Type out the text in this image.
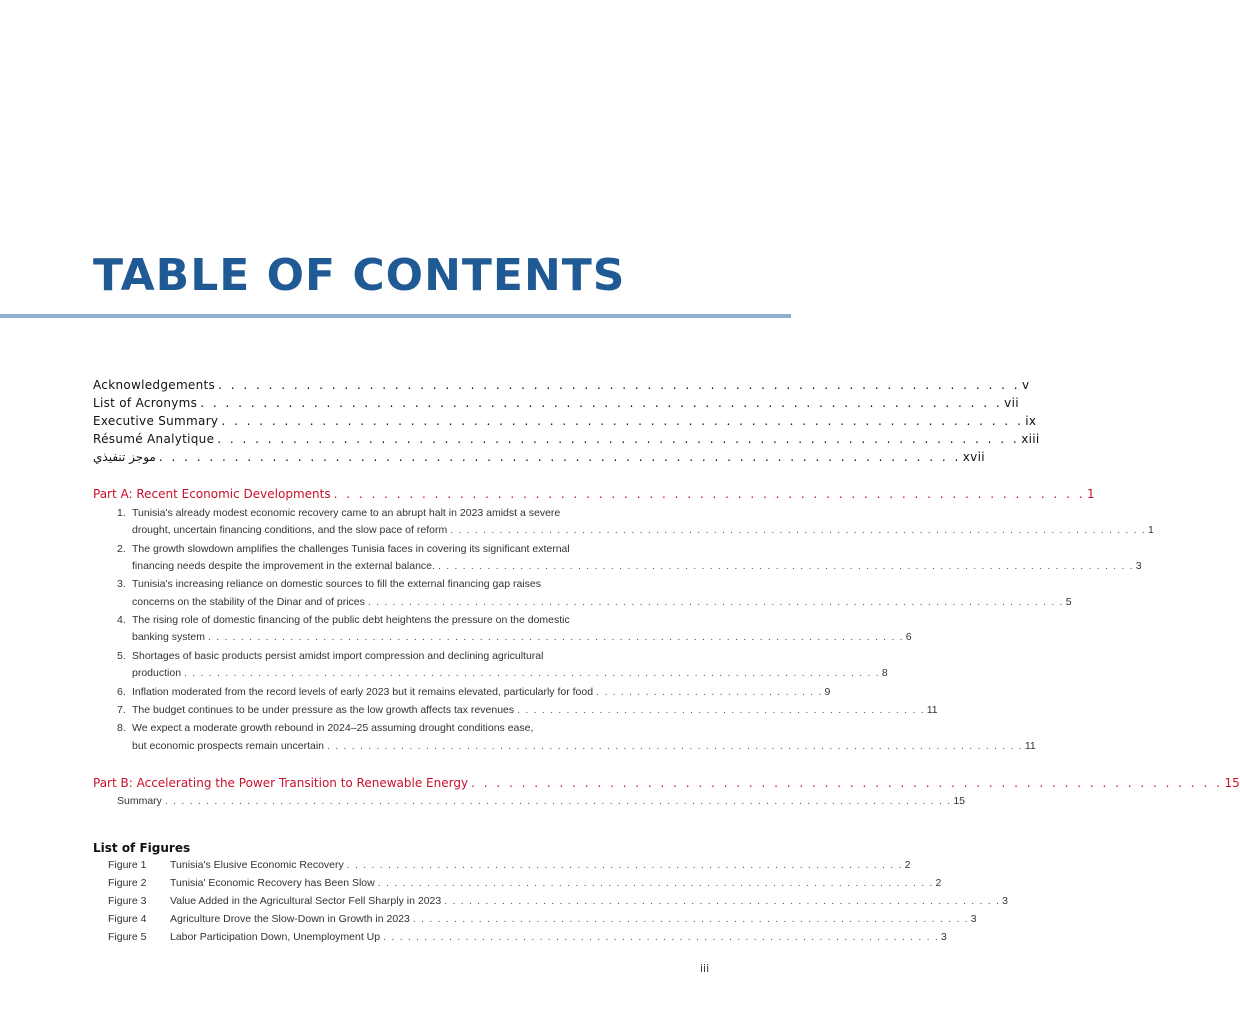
TABLE OF CONTENTS
Acknowledgements . . . . . . . . . . . . . . . . . . . . . . . . . . . . . . . . . . . . . . . . . . . . . . . . . . . . . . . . . . . . . . . . v
List of Acronyms . . . . . . . . . . . . . . . . . . . . . . . . . . . . . . . . . . . . . . . . . . . . . . . . . . . . . . . . . . . . . . . . vii
Executive Summary . . . . . . . . . . . . . . . . . . . . . . . . . . . . . . . . . . . . . . . . . . . . . . . . . . . . . . . . . . . . . . . . ix
Résumé Analytique . . . . . . . . . . . . . . . . . . . . . . . . . . . . . . . . . . . . . . . . . . . . . . . . . . . . . . . . . . . . . . . . xiii
موجز تنفيذي . . . . . . . . . . . . . . . . . . . . . . . . . . . . . . . . . . . . . . . . . . . . . . . . . . . . . . . . . . . . . . . . xvii
Part A: Recent Economic Developments . . . . . . . . . . . . . . . . . . . . . . . . . . . . . . . . . . . . . . . . . . . . . . . . . . . . . . . . . . . . 1
1. Tunisia's already modest economic recovery came to an abrupt halt in 2023 amidst a severe
drought, uncertain financing conditions, and the slow pace of reform . . . . . . . . . . . . . . . . . . . . . . . . . . . . . . . . . . . . . . . . . . . . . . . . . . . . . . . . . . . . . . . . . . . . . . . . . . . . . . . . . . . . . 1
2. The growth slowdown amplifies the challenges Tunisia faces in covering its significant external
financing needs despite the improvement in the external balance. . . . . . . . . . . . . . . . . . . . . . . . . . . . . . . . . . . . . . . . . . . . . . . . . . . . . . . . . . . . . . . . . . . . . . . . . . . . . . . . . . . . . . 3
3. Tunisia's increasing reliance on domestic sources to fill the external financing gap raises
concerns on the stability of the Dinar and of prices . . . . . . . . . . . . . . . . . . . . . . . . . . . . . . . . . . . . . . . . . . . . . . . . . . . . . . . . . . . . . . . . . . . . . . . . . . . . . . . . . . . . . 5
4. The rising role of domestic financing of the public debt heightens the pressure on the domestic
banking system . . . . . . . . . . . . . . . . . . . . . . . . . . . . . . . . . . . . . . . . . . . . . . . . . . . . . . . . . . . . . . . . . . . . . . . . . . . . . . . . . . . . . 6
5. Shortages of basic products persist amidst import compression and declining agricultural
production . . . . . . . . . . . . . . . . . . . . . . . . . . . . . . . . . . . . . . . . . . . . . . . . . . . . . . . . . . . . . . . . . . . . . . . . . . . . . . . . . . . . . 8
6. Inflation moderated from the record levels of early 2023 but it remains elevated, particularly for food . . . . . . . . . . . . . . . . . . . . . . . . . . . . 9
7. The budget continues to be under pressure as the low growth affects tax revenues . . . . . . . . . . . . . . . . . . . . . . . . . . . . . . . . . . . . . . . . . . . . . . . . . . 11
8. We expect a moderate growth rebound in 2024–25 assuming drought conditions ease,
but economic prospects remain uncertain . . . . . . . . . . . . . . . . . . . . . . . . . . . . . . . . . . . . . . . . . . . . . . . . . . . . . . . . . . . . . . . . . . . . . . . . . . . . . . . . . . . . . 11
Part B: Accelerating the Power Transition to Renewable Energy . . . . . . . . . . . . . . . . . . . . . . . . . . . . . . . . . . . . . . . . . . . . . . . . . . . . . . . . . . . . 15
Summary . . . . . . . . . . . . . . . . . . . . . . . . . . . . . . . . . . . . . . . . . . . . . . . . . . . . . . . . . . . . . . . . . . . . . . . . . . . . . . . . . . . . . . . . . . . . . . . . 15
List of Figures
Figure 1 Tunisia's Elusive Economic Recovery . . . . . . . . . . . . . . . . . . . . . . . . . . . . . . . . . . . . . . . . . . . . . . . . . . . . . . . . . . . . . . . . . . . . 2
Figure 2 Tunisia' Economic Recovery has Been Slow . . . . . . . . . . . . . . . . . . . . . . . . . . . . . . . . . . . . . . . . . . . . . . . . . . . . . . . . . . . . . . . . . . . . 2
Figure 3 Value Added in the Agricultural Sector Fell Sharply in 2023 . . . . . . . . . . . . . . . . . . . . . . . . . . . . . . . . . . . . . . . . . . . . . . . . . . . . . . . . . . . . . . . . . . . . 3
Figure 4 Agriculture Drove the Slow-Down in Growth in 2023 . . . . . . . . . . . . . . . . . . . . . . . . . . . . . . . . . . . . . . . . . . . . . . . . . . . . . . . . . . . . . . . . . . . . 3
Figure 5 Labor Participation Down, Unemployment Up . . . . . . . . . . . . . . . . . . . . . . . . . . . . . . . . . . . . . . . . . . . . . . . . . . . . . . . . . . . . . . . . . . . . 3
iii
